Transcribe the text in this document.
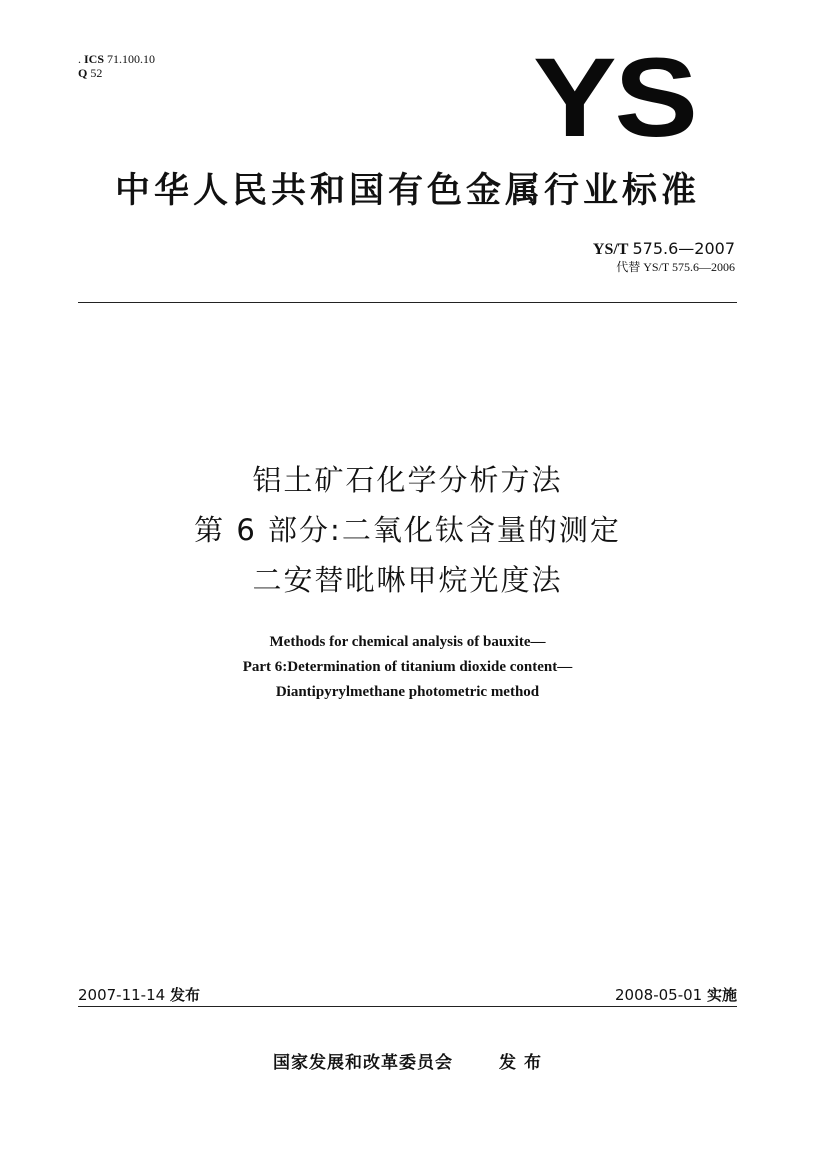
. ICS 71.100.10
Q 52	YS
中华人民共和国有色金属行业标准
YS/T 575.6—2007
代替 YS/T 575.6—2006
铝土矿石化学分析方法
第 6 部分:二氧化钛含量的测定
二安替吡啉甲烷光度法
Methods for chemical analysis of bauxite—
Part 6:Determination of titanium dioxide content—
Diantipyrylmethane photometric method
2007-11-14 发布	2008-05-01 实施
国家发展和改革委员会	发 布
